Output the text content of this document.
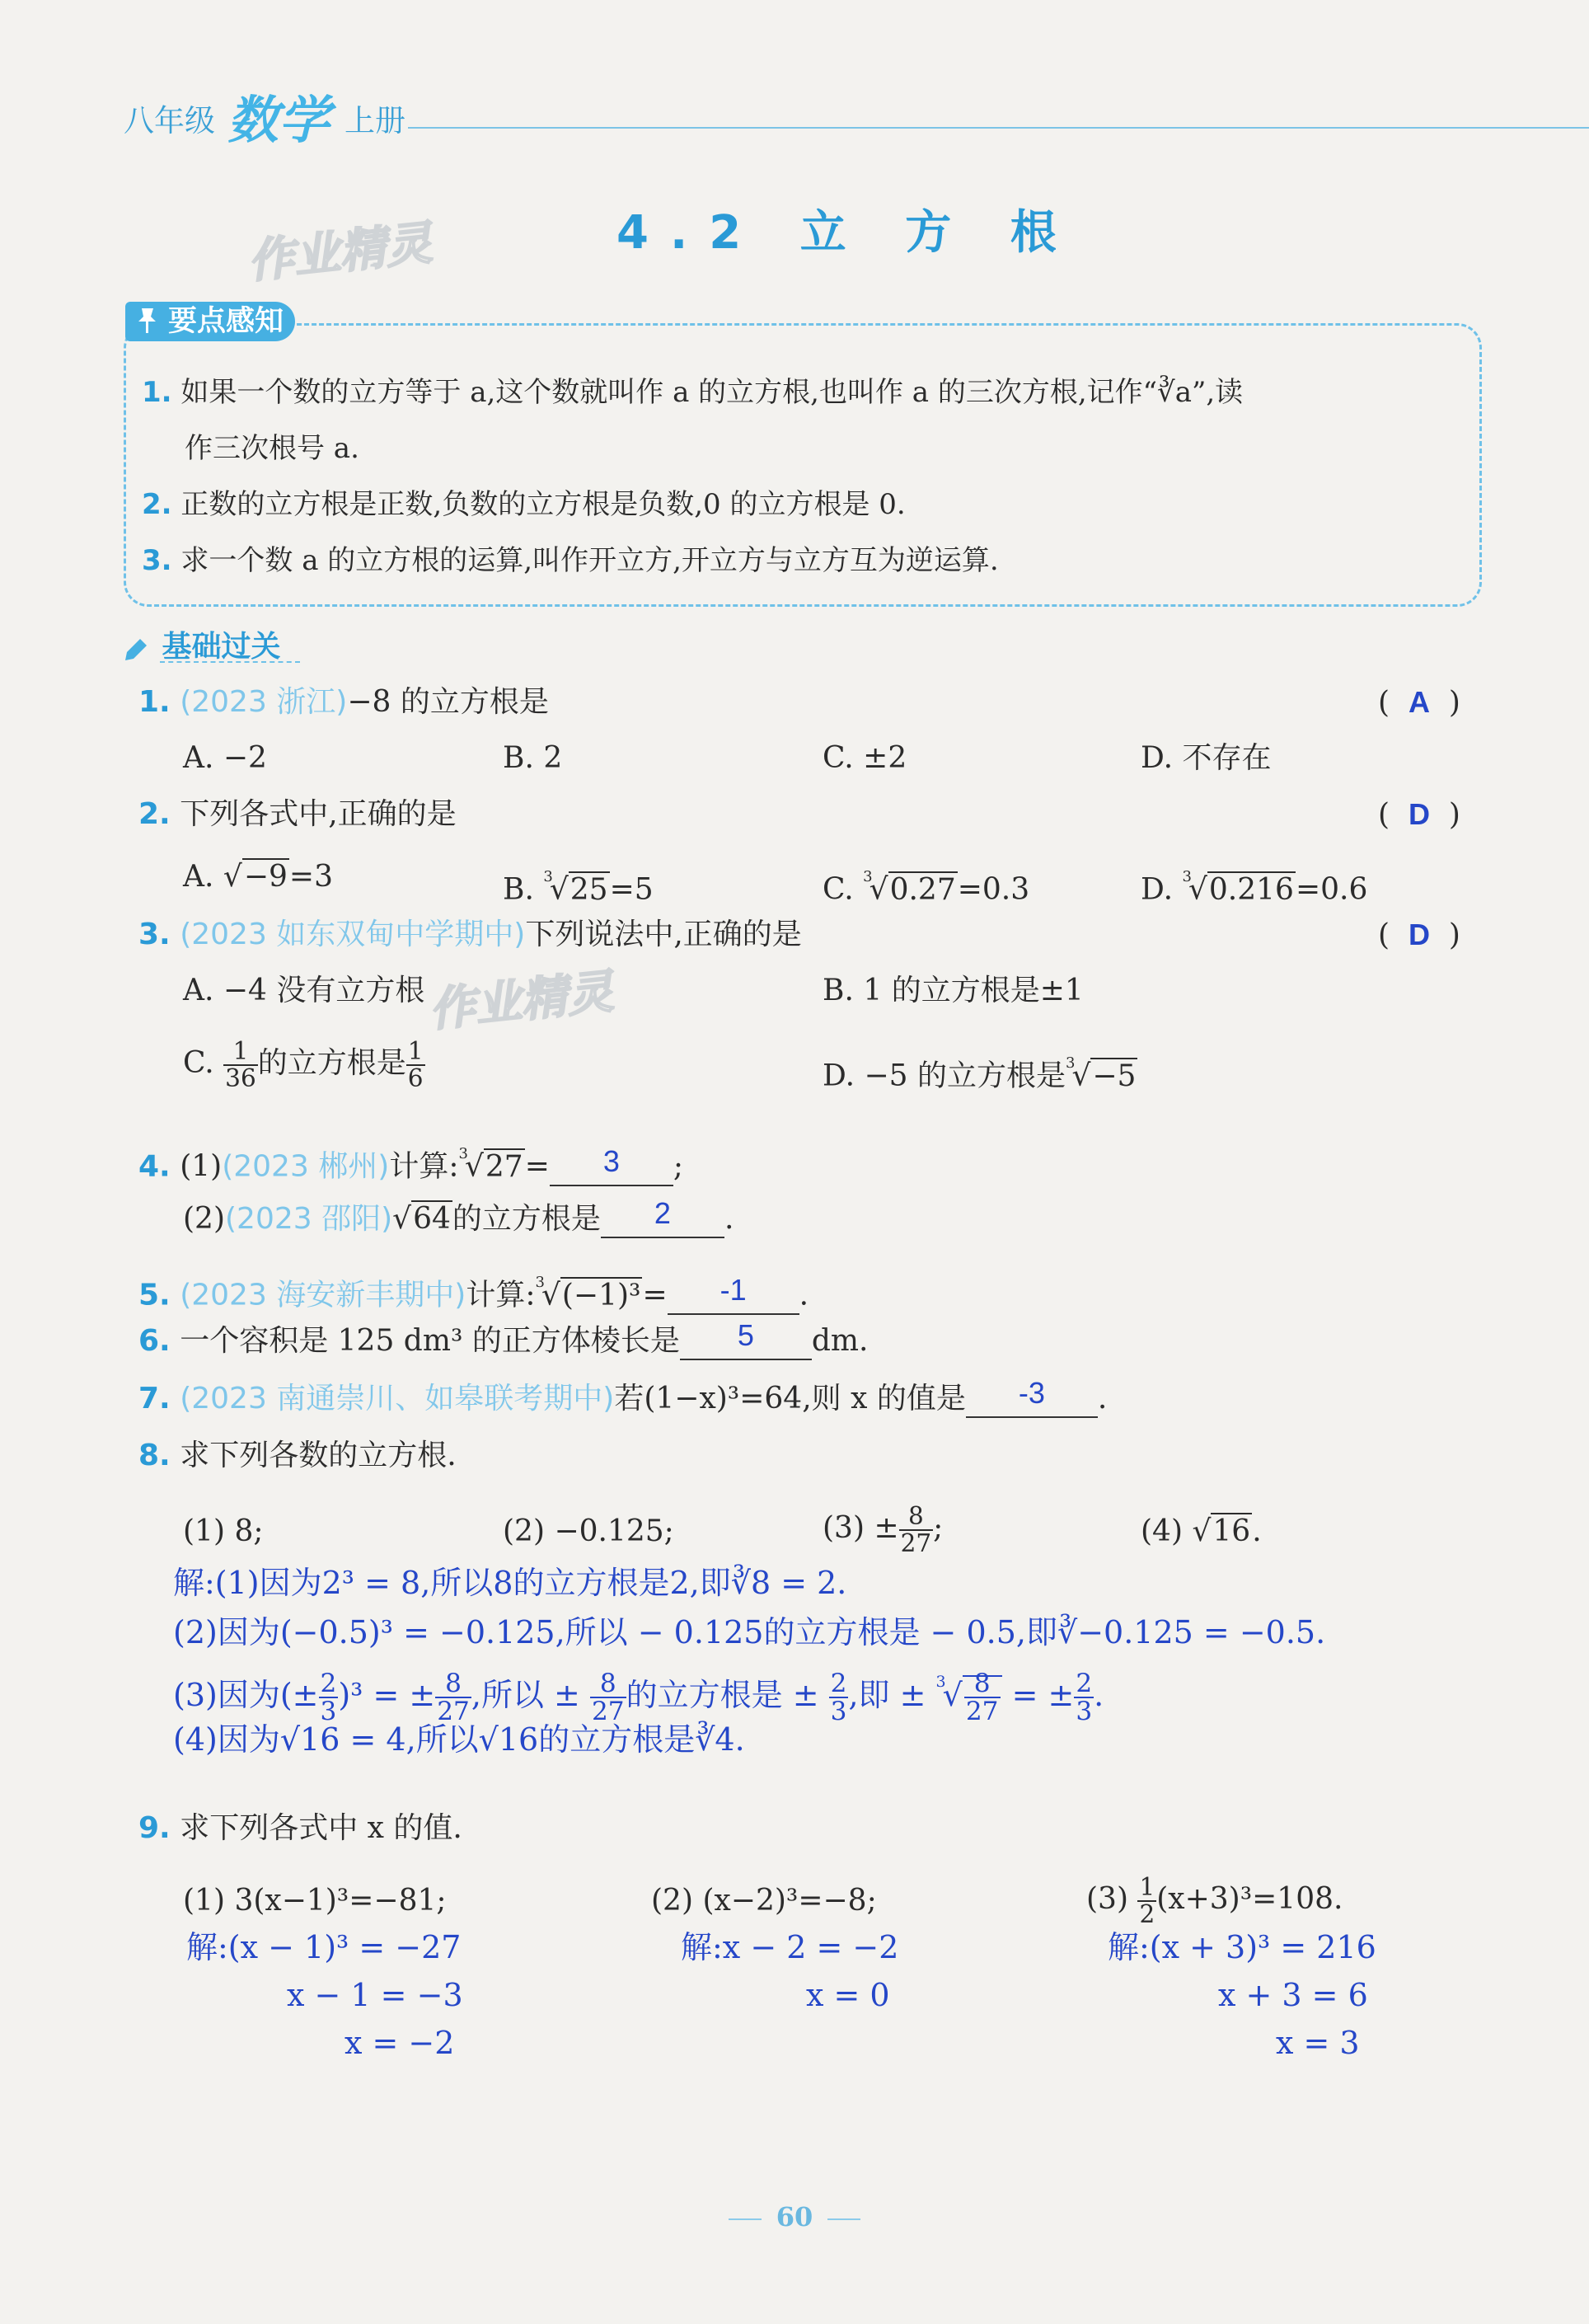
八年级 数学 上册
4.2 立 方 根
作业精灵
作业精灵
要点感知
1. 如果一个数的立方等于 a,这个数就叫作 a 的立方根,也叫作 a 的三次方根,记作“∛a”,读
作三次根号 a.
2. 正数的立方根是正数,负数的立方根是负数,0 的立方根是 0.
3. 求一个数 a 的立方根的运算,叫作开立方,开立方与立方互为逆运算.
基础过关
1. (2023 浙江)−8 的立方根是	(  A  )
A. −2	B. 2	C. ±2	D. 不存在
2. 下列各式中,正确的是	(  D  )
A. √−9=3	B. $^3$√25=5	C. $^3$√0.27=0.3	D. $^3$√0.216=0.6
3. (2023 如东双甸中学期中)下列说法中,正确的是	(  D  )
A. −4 没有立方根	B. 1 的立方根是±1
C. $\frac{1}{36}$ 的立方根是 $\frac{1}{6}$	D. −5 的立方根是$^3$√−5
4. (1)(2023 郴州)计算:$^3$√27= 3 ;
(2)(2023 邵阳)√64的立方根是 2 .
5. (2023 海安新丰期中)计算:$^3$√(−1)³= -1 .
6. 一个容积是 125 dm³ 的正方体棱长是 5 dm.
7. (2023 南通崇川、如皋联考期中)若(1−x)³=64,则 x 的值是 -3 .
8. 求下列各数的立方根.
(1) 8;	(2) −0.125;	$(3) \pm \frac{8}{27}$ ;	(4) √16.
解:(1)因为2³ = 8,所以8的立方根是2,即∛8 = 2.
(2)因为(−0.5)³ = −0.125,所以 − 0.125的立方根是 − 0.5,即∛−0.125 = −0.5.
(3)因为(± $\frac{2}{3} )^3$ = ± $\frac{8}{27}$ ,所以 ± $\frac{8}{27}$ 的立方根是 ± $\frac{2}{3}$ ,即 ± $^3√ \frac{8}{27}$ = ± $\frac{2}{3}$ .
(4)因为√16 = 4,所以√16的立方根是∛4.
9. 求下列各式中 x 的值.
(1) 3(x−1)³=−81;	(2) (x−2)³=−8;	$(3) \frac{1}{2} (x+3)^3=108$.
解:(x − 1)³ = −27
x − 1 = −3
x = −2
解:x − 2 = −2
x = 0
解:(x + 3)³ = 216
x + 3 = 6
x = 3
60
